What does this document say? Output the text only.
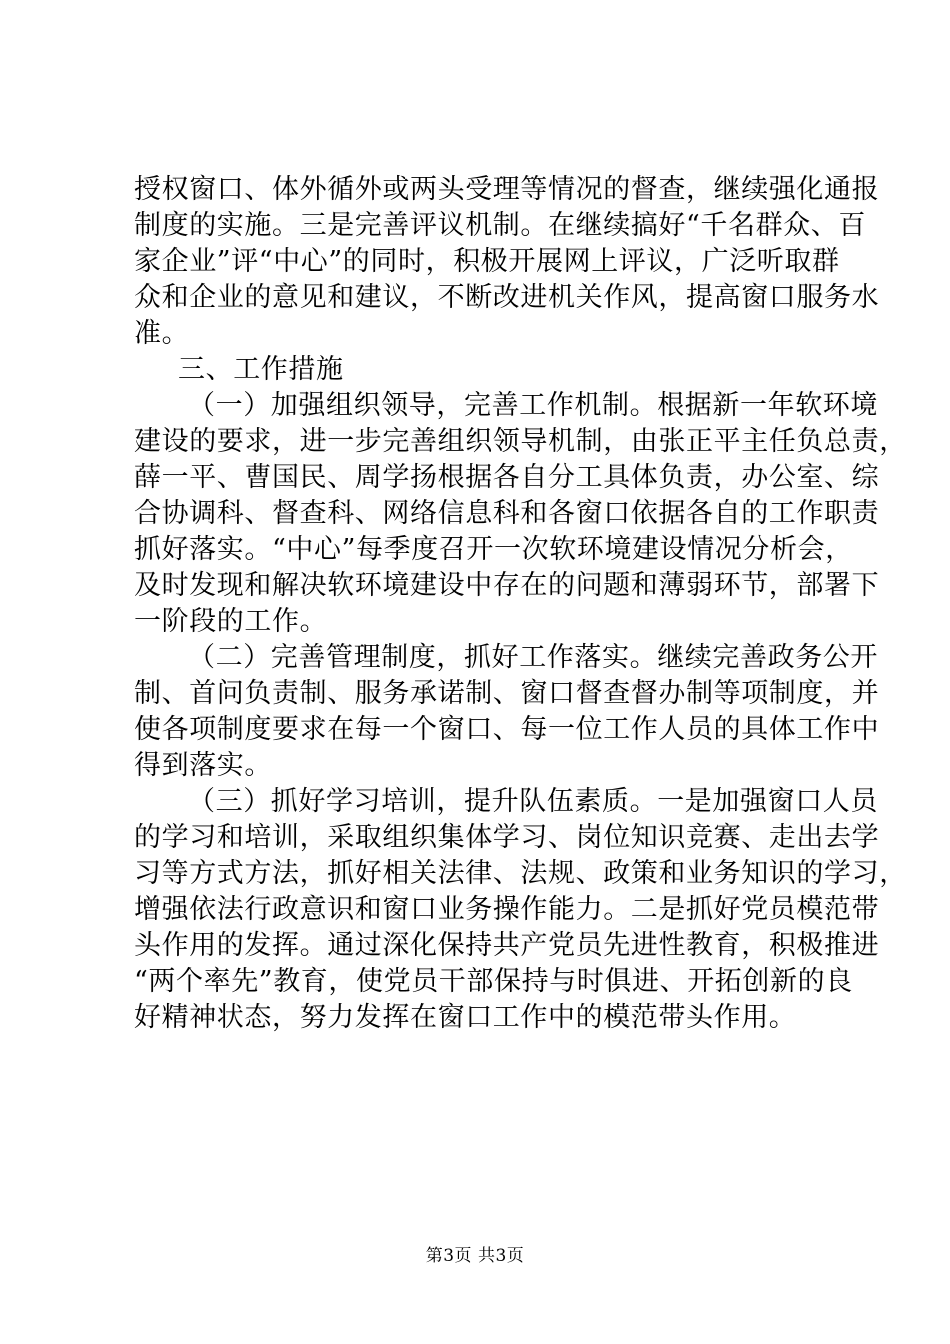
授权窗口、体外循外或两头受理等情况的督查，继续强化通报
制度的实施。三是完善评议机制。在继续搞好“千名群众、百
家企业”评“中心”的同时，积极开展网上评议，广泛听取群
众和企业的意见和建议，不断改进机关作风，提高窗口服务水
准。
三、工作措施
（一）加强组织领导，完善工作机制。根据新一年软环境
建设的要求，进一步完善组织领导机制，由张正平主任负总责，
薛一平、曹国民、周学扬根据各自分工具体负责，办公室、综
合协调科、督查科、网络信息科和各窗口依据各自的工作职责
抓好落实。“中心”每季度召开一次软环境建设情况分析会，
及时发现和解决软环境建设中存在的问题和薄弱环节，部署下
一阶段的工作。
（二）完善管理制度，抓好工作落实。继续完善政务公开
制、首问负责制、服务承诺制、窗口督查督办制等项制度，并
使各项制度要求在每一个窗口、每一位工作人员的具体工作中
得到落实。
（三）抓好学习培训，提升队伍素质。一是加强窗口人员
的学习和培训，采取组织集体学习、岗位知识竞赛、走出去学
习等方式方法，抓好相关法律、法规、政策和业务知识的学习，
增强依法行政意识和窗口业务操作能力。二是抓好党员模范带
头作用的发挥。通过深化保持共产党员先进性教育，积极推进
“两个率先”教育，使党员干部保持与时俱进、开拓创新的良
好精神状态，努力发挥在窗口工作中的模范带头作用。
第3页 共3页
